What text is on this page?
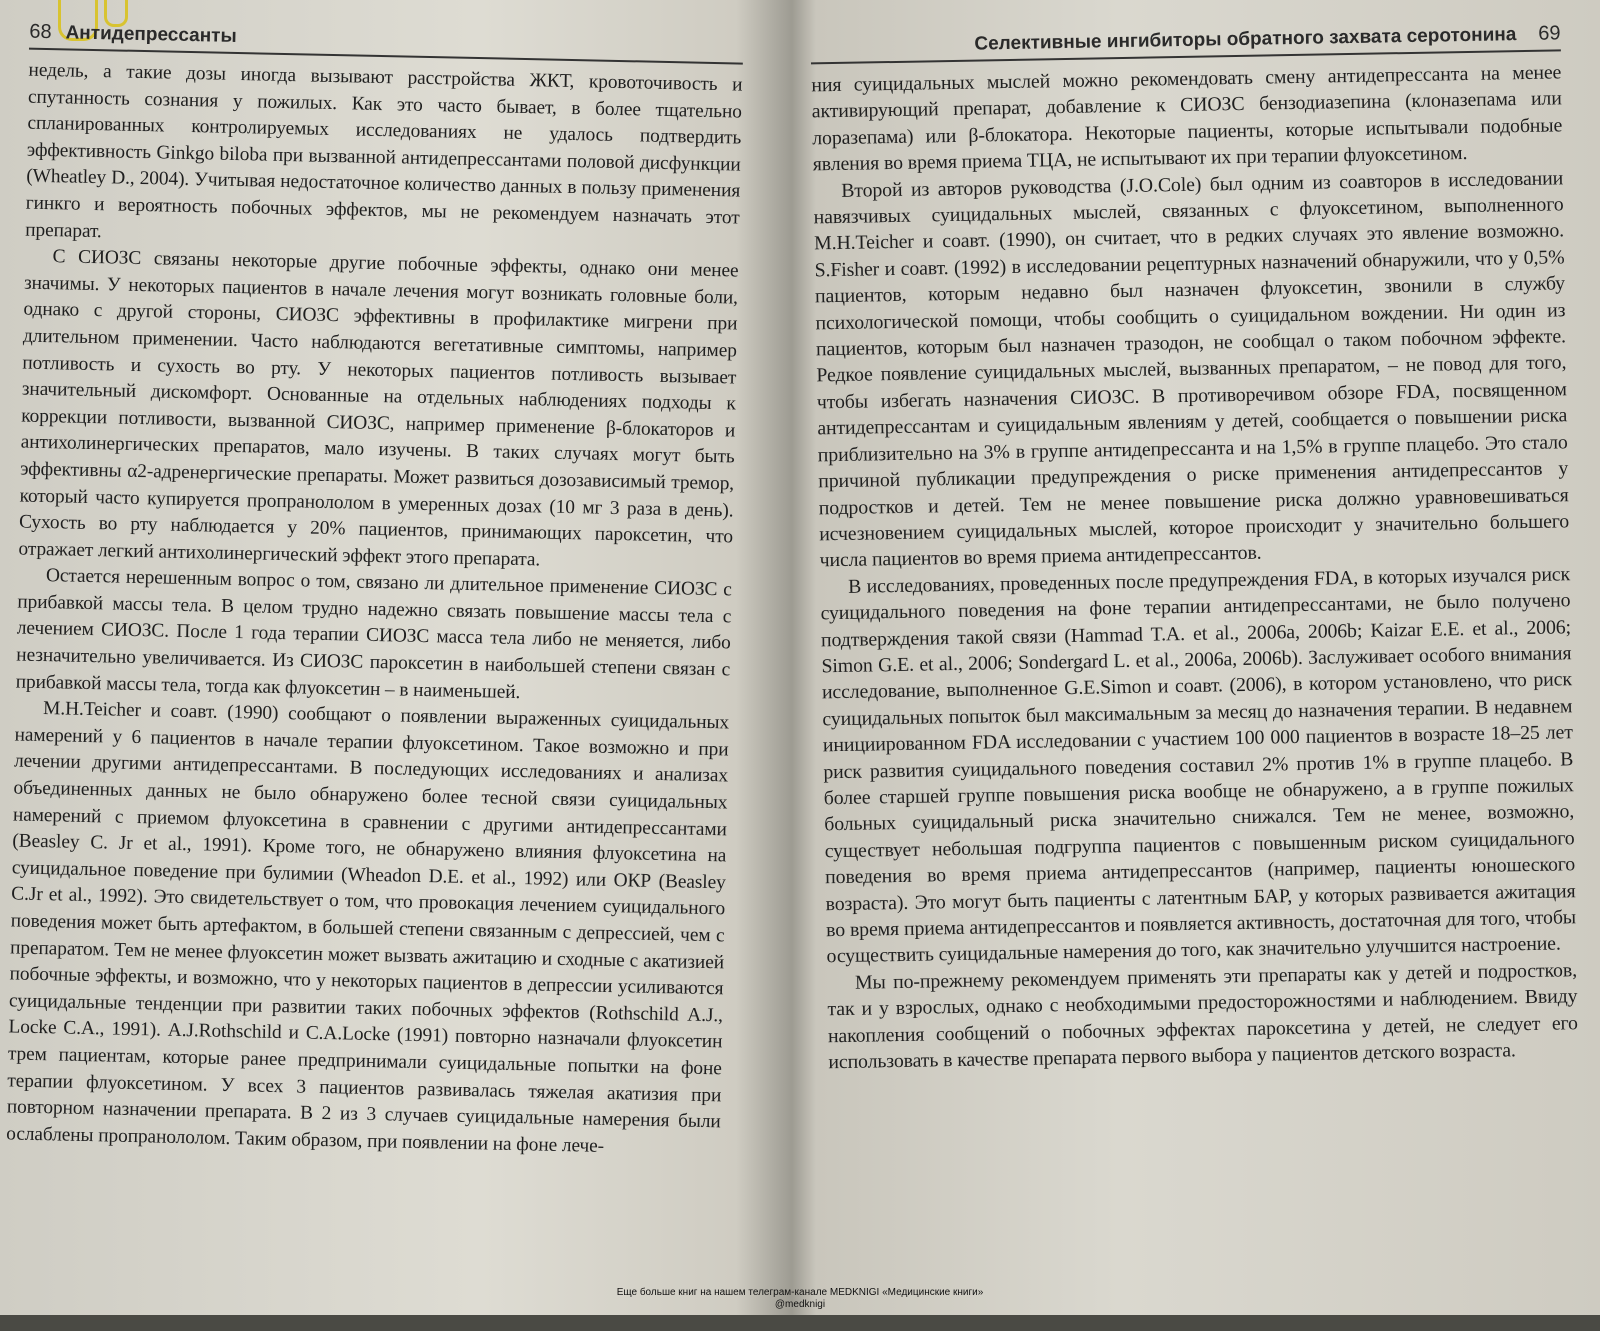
68 Антидепрессанты

недель, а такие дозы иногда вызывают расстройства ЖКТ, кровоточивость и спутанность сознания у пожилых. Как это часто бывает, в более тщательно спланированных контролируемых исследованиях не удалось подтвердить эффективность Ginkgo biloba при вызванной антидепрессантами половой дисфункции (Wheatley D., 2004). Учитывая недостаточное количество данных в пользу применения гинкго и вероятность побочных эффектов, мы не рекомендуем назначать этот препарат.

С СИОЗС связаны некоторые другие побочные эффекты, однако они менее значимы. У некоторых пациентов в начале лечения могут возникать головные боли, однако с другой стороны, СИОЗС эффективны в профилактике мигрени при длительном применении. Часто наблюдаются вегетативные симптомы, например потливость и сухость во рту. У некоторых пациентов потливость вызывает значительный дискомфорт. Основанные на отдельных наблюдениях подходы к коррекции потливости, вызванной СИОЗС, например применение β-блокаторов и антихолинергических препаратов, мало изучены. В таких случаях могут быть эффективны α2-адренергические препараты. Может развиться дозозависимый тремор, который часто купируется пропранололом в умеренных дозах (10 мг 3 раза в день). Сухость во рту наблюдается у 20% пациентов, принимающих пароксетин, что отражает легкий антихолинергический эффект этого препарата.

Остается нерешенным вопрос о том, связано ли длительное применение СИОЗС с прибавкой массы тела. В целом трудно надежно связать повышение массы тела с лечением СИОЗС. После 1 года терапии СИОЗС масса тела либо не меняется, либо незначительно увеличивается. Из СИОЗС пароксетин в наибольшей степени связан с прибавкой массы тела, тогда как флуоксетин – в наименьшей.

M.H.Teicher и соавт. (1990) сообщают о появлении выраженных суицидальных намерений у 6 пациентов в начале терапии флуоксетином. Такое возможно и при лечении другими антидепрессантами. В последующих исследованиях и анализах объединенных данных не было обнаружено более тесной связи суицидальных намерений с приемом флуоксетина в сравнении с другими антидепрессантами (Beasley C. Jr et al., 1991). Кроме того, не обнаружено влияния флуоксетина на суицидальное поведение при булимии (Wheadon D.E. et al., 1992) или ОКР (Beasley C.Jr et al., 1992). Это свидетельствует о том, что провокация лечением суицидального поведения может быть артефактом, в большей степени связанным с депрессией, чем с препаратом. Тем не менее флуоксетин может вызвать ажитацию и сходные с акатизией побочные эффекты, и возможно, что у некоторых пациентов в депрессии усиливаются суицидальные тенденции при развитии таких побочных эффектов (Rothschild A.J., Locke C.A., 1991). A.J.Rothschild и C.A.Locke (1991) повторно назначали флуоксетин трем пациентам, которые ранее предпринимали суицидальные попытки на фоне терапии флуоксетином. У всех 3 пациентов развивалась тяжелая акатизия при повторном назначении препарата. В 2 из 3 случаев суицидальные намерения были ослаблены пропранололом. Таким образом, при появлении на фоне лече-

Селективные ингибиторы обратного захвата серотонина 69

ния суицидальных мыслей можно рекомендовать смену антидепрессанта на менее активирующий препарат, добавление к СИОЗС бензодиазепина (клоназепама или лоразепама) или β-блокатора. Некоторые пациенты, которые испытывали подобные явления во время приема ТЦА, не испытывают их при терапии флуоксетином.

Второй из авторов руководства (J.O.Cole) был одним из соавторов в исследовании навязчивых суицидальных мыслей, связанных с флуоксетином, выполненного M.H.Teicher и соавт. (1990), он считает, что в редких случаях это явление возможно. S.Fisher и соавт. (1992) в исследовании рецептурных назначений обнаружили, что у 0,5% пациентов, которым недавно был назначен флуоксетин, звонили в службу психологической помощи, чтобы сообщить о суицидальном вождении. Ни один из пациентов, которым был назначен тразодон, не сообщал о таком побочном эффекте. Редкое появление суицидальных мыслей, вызванных препаратом, – не повод для того, чтобы избегать назначения СИОЗС. В противоречивом обзоре FDA, посвященном антидепрессантам и суицидальным явлениям у детей, сообщается о повышении риска приблизительно на 3% в группе антидепрессанта и на 1,5% в группе плацебо. Это стало причиной публикации предупреждения о риске применения антидепрессантов у подростков и детей. Тем не менее повышение риска должно уравновешиваться исчезновением суицидальных мыслей, которое происходит у значительно большего числа пациентов во время приема антидепрессантов.

В исследованиях, проведенных после предупреждения FDA, в которых изучался риск суицидального поведения на фоне терапии антидепрессантами, не было получено подтверждения такой связи (Hammad T.A. et al., 2006a, 2006b; Kaizar E.E. et al., 2006; Simon G.E. et al., 2006; Sondergard L. et al., 2006a, 2006b). Заслуживает особого внимания исследование, выполненное G.E.Simon и соавт. (2006), в котором установлено, что риск суицидальных попыток был максимальным за месяц до назначения терапии. В недавнем инициированном FDA исследовании с участием 100 000 пациентов в возрасте 18–25 лет риск развития суицидального поведения составил 2% против 1% в группе плацебо. В более старшей группе повышения риска вообще не обнаружено, а в группе пожилых больных суицидальный риска значительно снижался. Тем не менее, возможно, существует небольшая подгруппа пациентов с повышенным риском суицидального поведения во время приема антидепрессантов (например, пациенты юношеского возраста). Это могут быть пациенты с латентным БАР, у которых развивается ажитация во время приема антидепрессантов и появляется активность, достаточная для того, чтобы осуществить суицидальные намерения до того, как значительно улучшится настроение.

Мы по-прежнему рекомендуем применять эти препараты как у детей и подростков, так и у взрослых, однако с необходимыми предосторожностями и наблюдением. Ввиду накопления сообщений о побочных эффектах пароксетина у детей, не следует его использовать в качестве препарата первого выбора у пациентов детского возраста.

Еще больше книг на нашем телеграм-канале MEDKNIGI «Медицинские книги»
@medknigi
